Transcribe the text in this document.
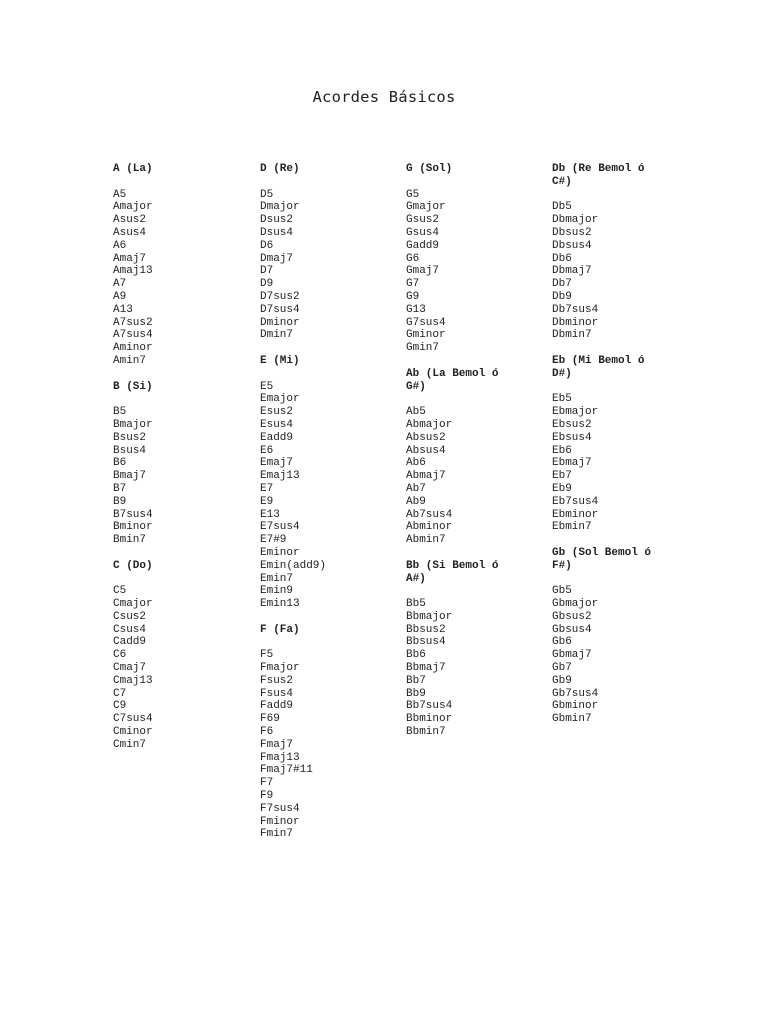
Acordes Básicos
A (La)
A5
Amajor
Asus2
Asus4
A6
Amaj7
Amaj13
A7
A9
A13
A7sus2
A7sus4
Aminor
Amin7
B (Si)
B5
Bmajor
Bsus2
Bsus4
B6
Bmaj7
B7
B9
B7sus4
Bminor
Bmin7
C (Do)
C5
Cmajor
Csus2
Csus4
Cadd9
C6
Cmaj7
Cmaj13
C7
C9
C7sus4
Cminor
Cmin7
D (Re)
D5
Dmajor
Dsus2
Dsus4
D6
Dmaj7
D7
D9
D7sus2
D7sus4
Dminor
Dmin7
E (Mi)
E5
Emajor
Esus2
Esus4
Eadd9
E6
Emaj7
Emaj13
E7
E9
E13
E7sus4
E7#9
Eminor
Emin(add9)
Emin7
Emin9
Emin13
F (Fa)
F5
Fmajor
Fsus2
Fsus4
Fadd9
F69
F6
Fmaj7
Fmaj13
Fmaj7#11
F7
F9
F7sus4
Fminor
Fmin7
G (Sol)
G5
Gmajor
Gsus2
Gsus4
Gadd9
G6
Gmaj7
G7
G9
G13
G7sus4
Gminor
Gmin7
Ab (La Bemol ó
G#)
Ab5
Abmajor
Absus2
Absus4
Ab6
Abmaj7
Ab7
Ab9
Ab7sus4
Abminor
Abmin7
Bb (Si Bemol ó
A#)
Bb5
Bbmajor
Bbsus2
Bbsus4
Bb6
Bbmaj7
Bb7
Bb9
Bb7sus4
Bbminor
Bbmin7
Db (Re Bemol ó
C#)
Db5
Dbmajor
Dbsus2
Dbsus4
Db6
Dbmaj7
Db7
Db9
Db7sus4
Dbminor
Dbmin7
Eb (Mi Bemol ó
D#)
Eb5
Ebmajor
Ebsus2
Ebsus4
Eb6
Ebmaj7
Eb7
Eb9
Eb7sus4
Ebminor
Ebmin7
Gb (Sol Bemol ó
F#)
Gb5
Gbmajor
Gbsus2
Gbsus4
Gb6
Gbmaj7
Gb7
Gb9
Gb7sus4
Gbminor
Gbmin7
